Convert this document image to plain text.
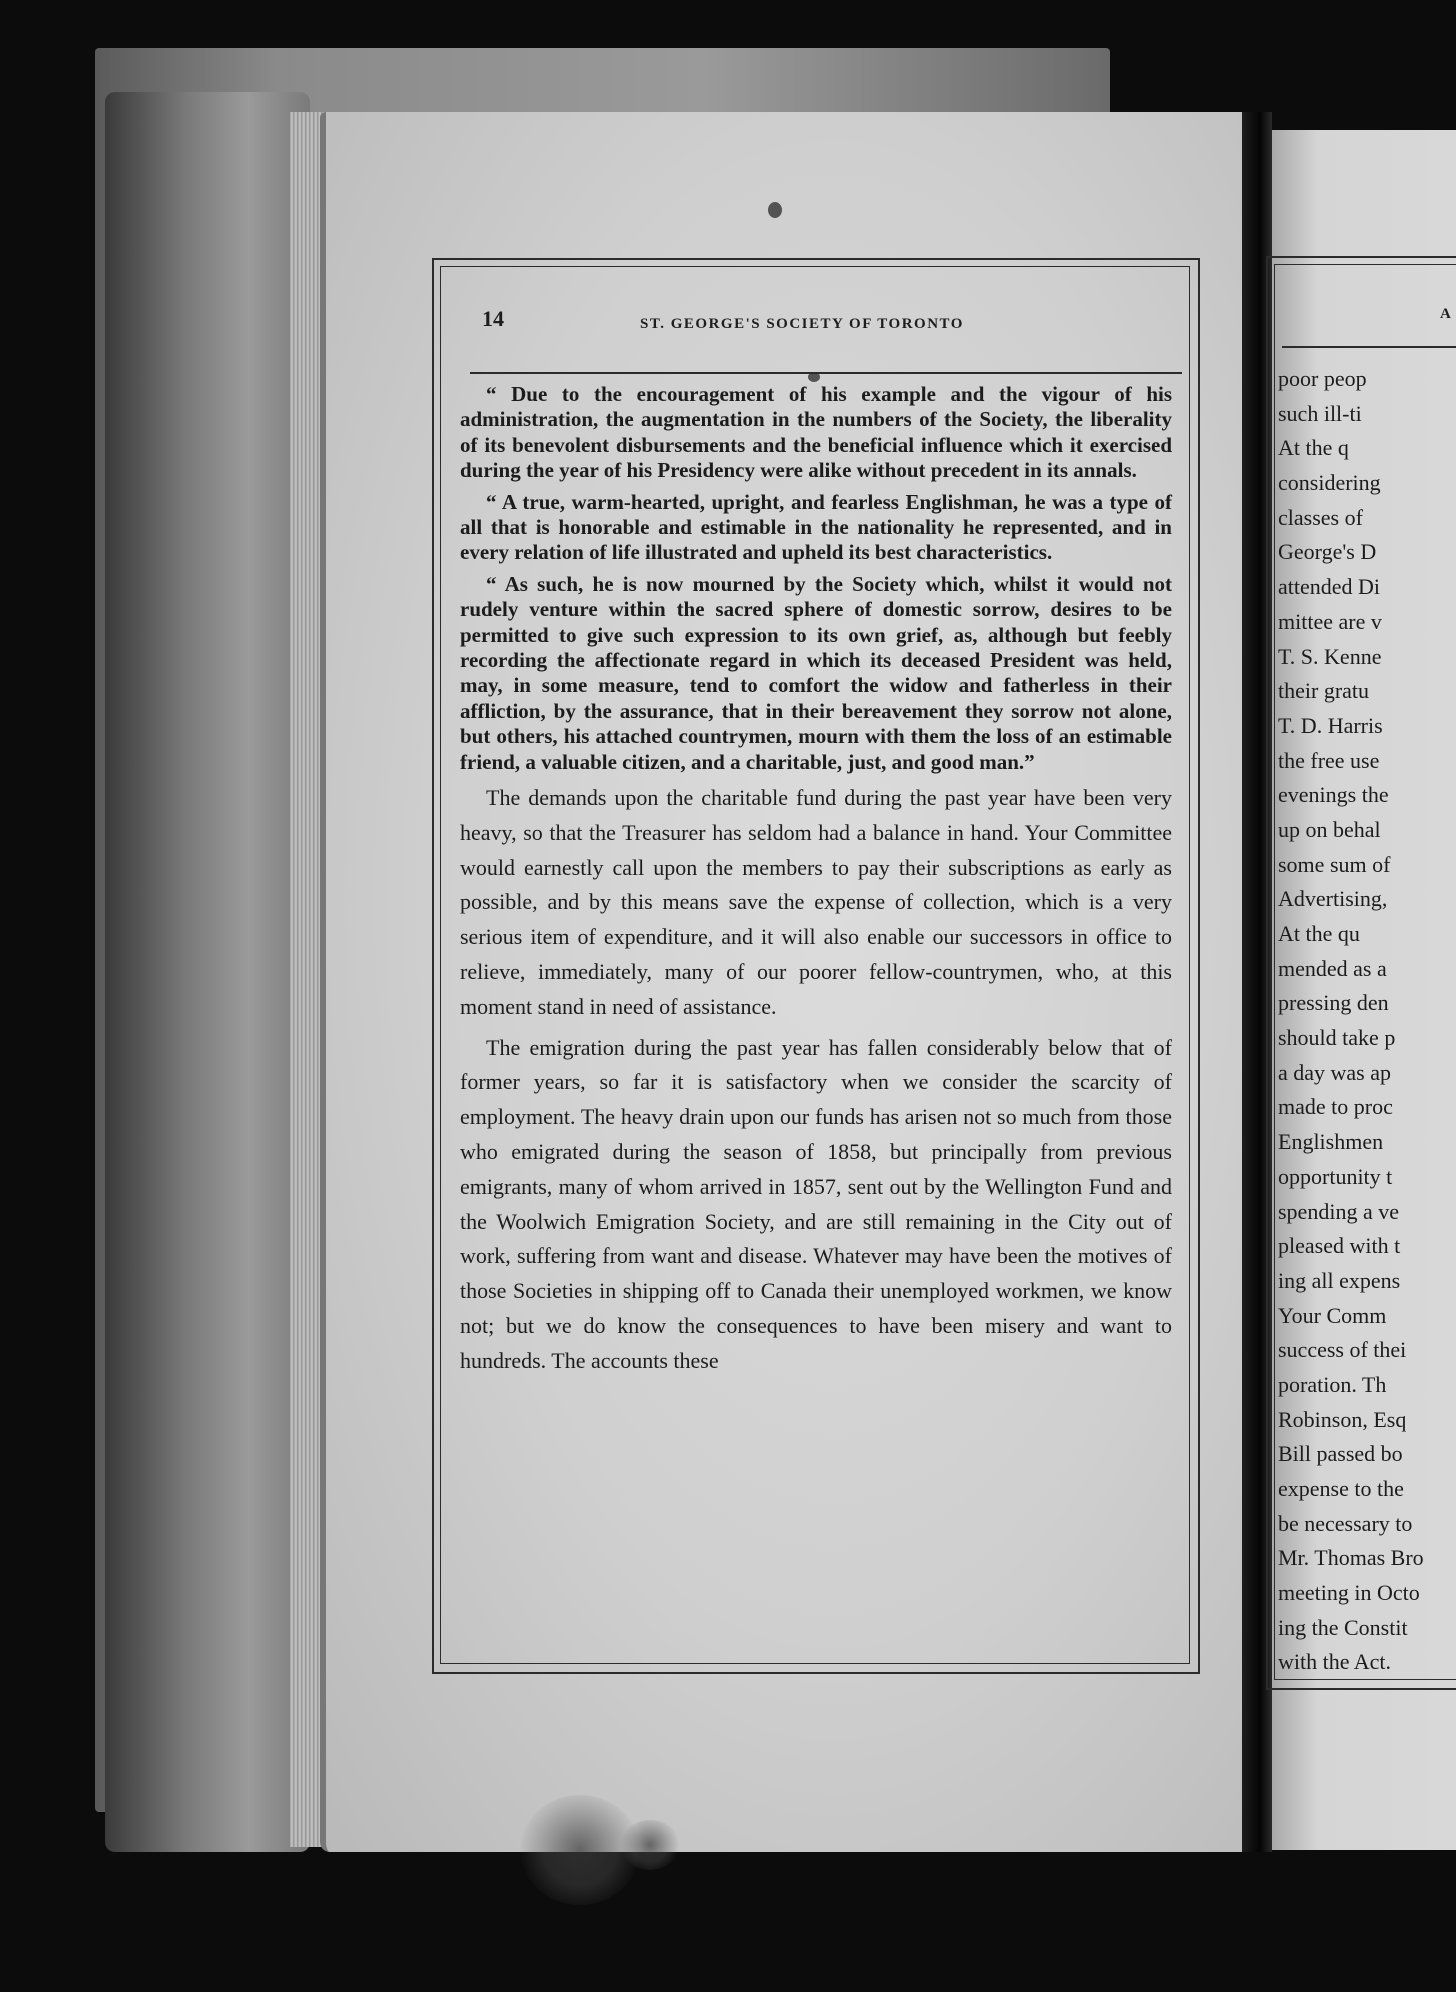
14	ST. GEORGE'S SOCIETY OF TORONTO

“ Due to the encouragement of his example and the vigour of his administration, the augmentation in the numbers of the Society, the liberality of its benevolent disbursements and the beneficial influence which it exercised during the year of his Presidency were alike without precedent in its annals.

“ A true, warm-hearted, upright, and fearless Englishman, he was a type of all that is honorable and estimable in the nationality he represented, and in every relation of life illustrated and upheld its best characteristics.

“ As such, he is now mourned by the Society which, whilst it would not rudely venture within the sacred sphere of domestic sorrow, desires to be permitted to give such expression to its own grief, as, although but feebly recording the affectionate regard in which its deceased President was held, may, in some measure, tend to comfort the widow and fatherless in their affliction, by the assurance, that in their bereavement they sorrow not alone, but others, his attached countrymen, mourn with them the loss of an estimable friend, a valuable citizen, and a charitable, just, and good man.”

The demands upon the charitable fund during the past year have been very heavy, so that the Treasurer has seldom had a balance in hand. Your Committee would earnestly call upon the members to pay their subscriptions as early as possible, and by this means save the expense of collection, which is a very serious item of expenditure, and it will also enable our successors in office to relieve, immediately, many of our poorer fellow-countrymen, who, at this moment stand in need of assistance.

The emigration during the past year has fallen considerably below that of former years, so far it is satisfactory when we consider the scarcity of employment. The heavy drain upon our funds has arisen not so much from those who emigrated during the season of 1858, but principally from previous emigrants, many of whom arrived in 1857, sent out by the Wellington Fund and the Woolwich Emigration Society, and are still remaining in the City out of work, suffering from want and disease. Whatever may have been the motives of those Societies in shipping off to Canada their unemployed workmen, we know not; but we do know the consequences to have been misery and want to hundreds. The accounts these

A
poor peop
such ill-ti
At the q
considering
classes of
George's D
attended Di
mittee are v
T. S. Kenne
their gratu
T. D. Harris
the free use
evenings the
up on behal
some sum of
Advertising,
At the qu
mended as a
pressing den
should take p
a day was ap
made to proc
Englishmen
opportunity t
spending a ve
pleased with t
ing all expens
Your Comm
success of thei
poration. Th
Robinson, Esq
Bill passed bo
expense to the
be necessary to
Mr. Thomas Bro
meeting in Octo
ing the Constit
with the Act.
